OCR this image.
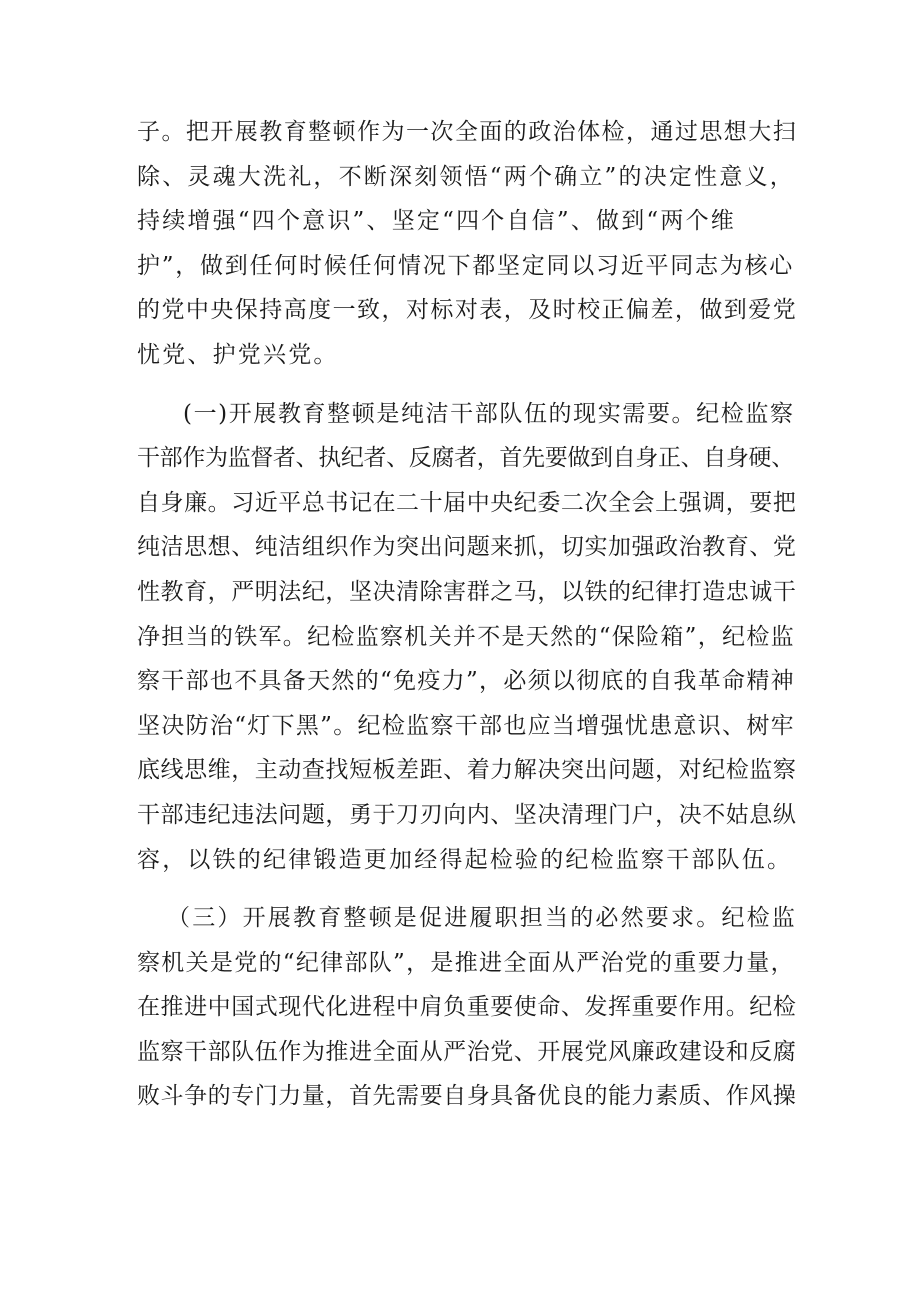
子。把开展教育整顿作为一次全面的政治体检，通过思想大扫
除、灵魂大洗礼，不断深刻领悟“两个确立”的决定性意义，
持续增强“四个意识”、坚定“四个自信”、做到“两个维
护”，做到任何时候任何情况下都坚定同以习近平同志为核心
的党中央保持高度一致，对标对表，及时校正偏差，做到爱党
忧党、护党兴党。

(一)开展教育整顿是纯洁干部队伍的现实需要。纪检监察
干部作为监督者、执纪者、反腐者，首先要做到自身正、自身硬、
自身廉。习近平总书记在二十届中央纪委二次全会上强调，要把
纯洁思想、纯洁组织作为突出问题来抓，切实加强政治教育、党
性教育，严明法纪，坚决清除害群之马，以铁的纪律打造忠诚干
净担当的铁军。纪检监察机关并不是天然的“保险箱”，纪检监
察干部也不具备天然的“免疫力”，必须以彻底的自我革命精神
坚决防治“灯下黑”。纪检监察干部也应当增强忧患意识、树牢
底线思维，主动查找短板差距、着力解决突出问题，对纪检监察
干部违纪违法问题，勇于刀刃向内、坚决清理门户，决不姑息纵
容，以铁的纪律锻造更加经得起检验的纪检监察干部队伍。

（三）开展教育整顿是促进履职担当的必然要求。纪检监
察机关是党的“纪律部队”，是推进全面从严治党的重要力量，
在推进中国式现代化进程中肩负重要使命、发挥重要作用。纪检
监察干部队伍作为推进全面从严治党、开展党风廉政建设和反腐
败斗争的专门力量，首先需要自身具备优良的能力素质、作风操
